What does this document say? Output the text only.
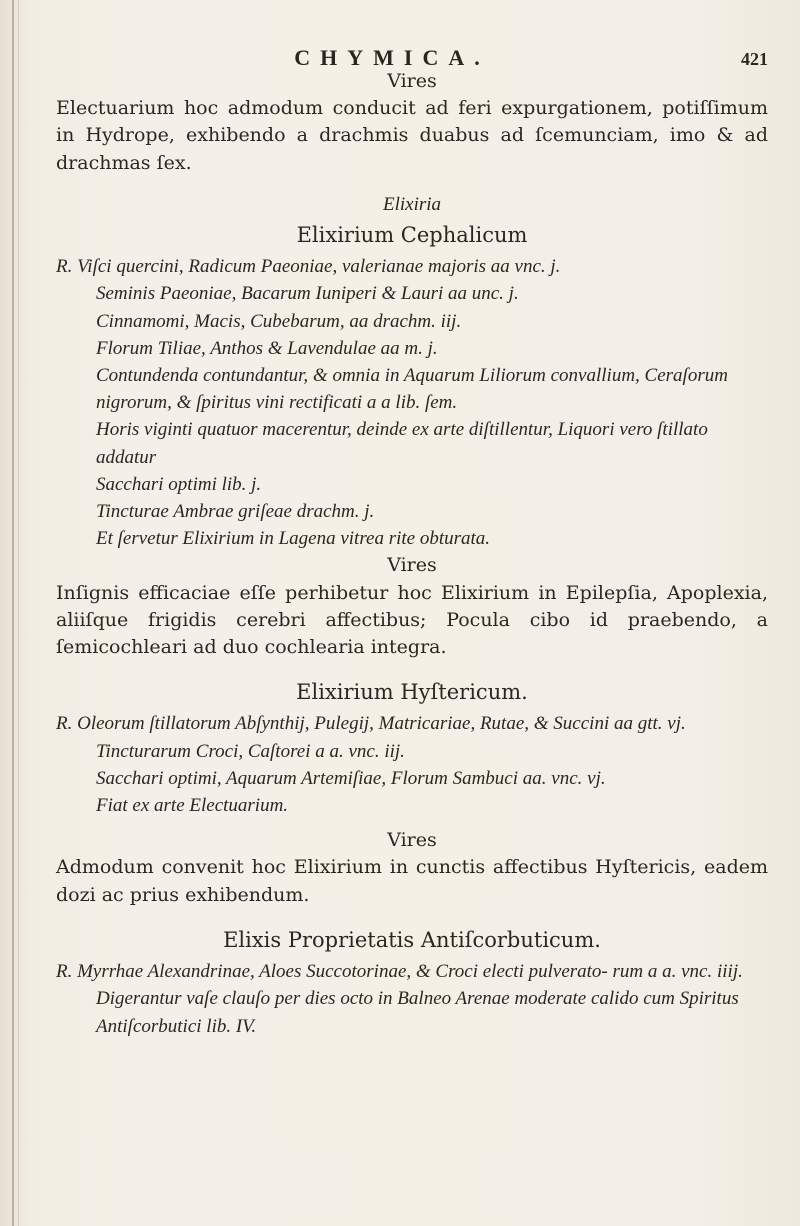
CHYMICA.	421

Vires

Electuarium hoc admodum conducit ad feri expurgationem, potiſſimum in Hydrope, exhibendo a drachmis duabus ad ſcemunciam, imo & ad drachmas ſex.

Elixiria

Elixirium Cephalicum

R. Viſci quercini, Radicum Paeoniae, valerianae majoris aa vnc. j.

Seminis Paeoniae, Bacarum Iuniperi & Lauri aa unc. j.

Cinnamomi, Macis, Cubebarum, aa drachm. iij.

Florum Tiliae, Anthos & Lavendulae aa m. j.

Contundenda contundantur, & omnia in Aquarum Liliorum convallium, Ceraſorum nigrorum, & ſpiritus vini rectificati a a lib. ſem.

Horis viginti quatuor macerentur, deinde ex arte diſtillentur, Liquori vero ſtillato addatur

Sacchari optimi lib. j.

Tincturae Ambrae griſeae drachm. j.

Et ſervetur Elixirium in Lagena vitrea rite obturata.

Vires

Inſignis efficaciae eſſe perhibetur hoc Elixirium in Epilepſia, Apoplexia, aliiſque frigidis cerebri affectibus; Pocula cibo id praebendo, a ſemicochleari ad duo cochlearia integra.

Elixirium Hyſtericum.

R. Oleorum ſtillatorum Abſynthij, Pulegij, Matricariae, Rutae, & Succini aa gtt. vj.

Tincturarum Croci, Caſtorei a a. vnc. iij.

Sacchari optimi, Aquarum Artemiſiae, Florum Sambuci aa. vnc. vj.

Fiat ex arte Electuarium.

Vires

Admodum convenit hoc Elixirium in cunctis affectibus Hyſtericis, eadem dozi ac prius exhibendum.

Elixis Proprietatis Antiſcorbuticum.

R. Myrrhae Alexandrinae, Aloes Succotorinae, & Croci electi pulverato- rum a a. vnc. iiij.

Digerantur vaſe clauſo per dies octo in Balneo Arenae moderate calido cum Spiritus Antiſcorbutici lib. IV.
